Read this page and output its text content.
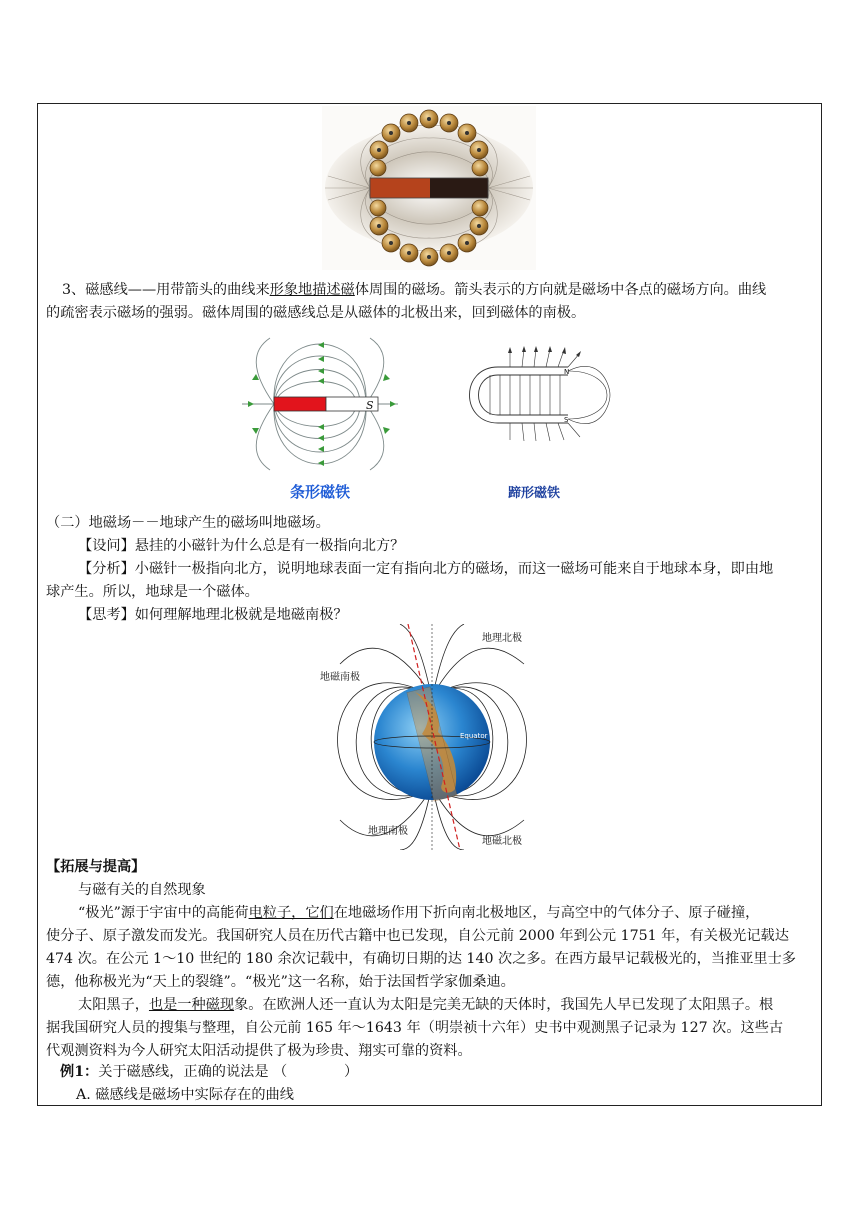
3、磁感线——用带箭头的曲线来形象地描述磁体周围的磁场。箭头表示的方向就是磁场中各点的磁场方向。曲线

的疏密表示磁场的强弱。磁体周围的磁感线总是从磁体的北极出来，回到磁体的南极。

S
条形磁铁
N
S
蹄形磁铁

（二）地磁场－－地球产生的磁场叫地磁场。

【设问】悬挂的小磁针为什么总是有一极指向北方？

【分析】小磁针一极指向北方，说明地球表面一定有指向北方的磁场，而这一磁场可能来自于地球本身，即由地

球产生。所以，地球是一个磁体。

【思考】如何理解地理北极就是地磁南极？

地理北极
地磁南极
Equator
地理南极
地磁北极

【拓展与提高】

与磁有关的自然现象

“极光”源于宇宙中的高能荷电粒子，它们在地磁场作用下折向南北极地区，与高空中的气体分子、原子碰撞，

使分子、原子激发而发光。我国研究人员在历代古籍中也已发现，自公元前 2000 年到公元 1751 年，有关极光记载达

474 次。在公元 1～10 世纪的 180 余次记载中，有确切日期的达 140 次之多。在西方最早记载极光的，当推亚里士多

德，他称极光为“天上的裂缝”。“极光”这一名称，始于法国哲学家伽桑迪。

太阳黑子，也是一种磁现象。在欧洲人还一直认为太阳是完美无缺的天体时，我国先人早已发现了太阳黑子。根

据我国研究人员的搜集与整理，自公元前 165 年～1643 年（明崇祯十六年）史书中观测黑子记录为 127 次。这些古

代观测资料为今人研究太阳活动提供了极为珍贵、翔实可靠的资料。

例1：关于磁感线，正确的说法是 （　　　　）

A. 磁感线是磁场中实际存在的曲线
